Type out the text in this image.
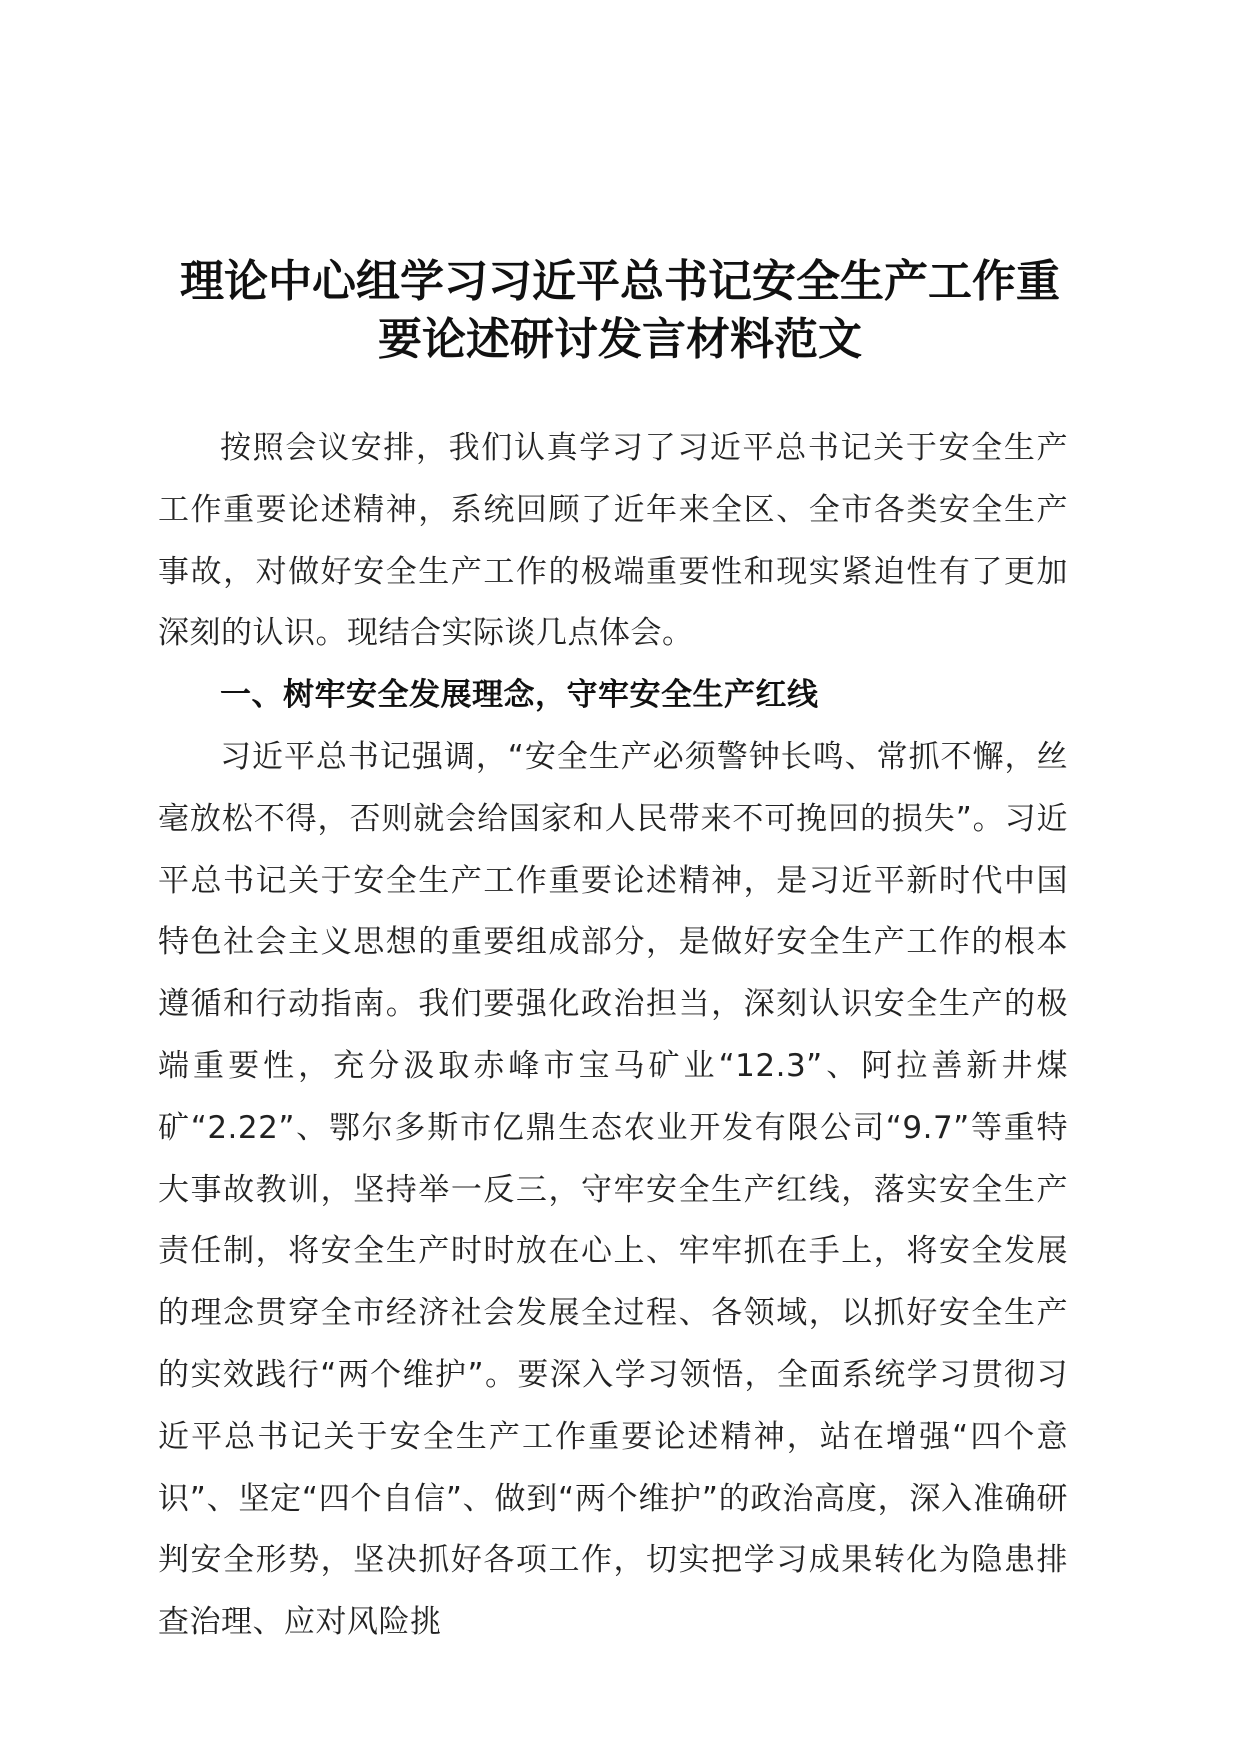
理论中心组学习习近平总书记安全生产工作重
要论述研讨发言材料范文

按照会议安排，我们认真学习了习近平总书记关于安全生产工作重要论述精神，系统回顾了近年来全区、全市各类安全生产事故，对做好安全生产工作的极端重要性和现实紧迫性有了更加深刻的认识。现结合实际谈几点体会。

一、树牢安全发展理念，守牢安全生产红线

习近平总书记强调，“安全生产必须警钟长鸣、常抓不懈，丝毫放松不得，否则就会给国家和人民带来不可挽回的损失”。习近平总书记关于安全生产工作重要论述精神，是习近平新时代中国特色社会主义思想的重要组成部分，是做好安全生产工作的根本遵循和行动指南。我们要强化政治担当，深刻认识安全生产的极端重要性，充分汲取赤峰市宝马矿业“12.3”、阿拉善新井煤矿“2.22”、鄂尔多斯市亿鼎生态农业开发有限公司“9.7”等重特大事故教训，坚持举一反三，守牢安全生产红线，落实安全生产责任制，将安全生产时时放在心上、牢牢抓在手上，将安全发展的理念贯穿全市经济社会发展全过程、各领域，以抓好安全生产的实效践行“两个维护”。要深入学习领悟，全面系统学习贯彻习近平总书记关于安全生产工作重要论述精神，站在增强“四个意识”、坚定“四个自信”、做到“两个维护”的政治高度，深入准确研判安全形势，坚决抓好各项工作，切实把学习成果转化为隐患排查治理、应对风险挑
